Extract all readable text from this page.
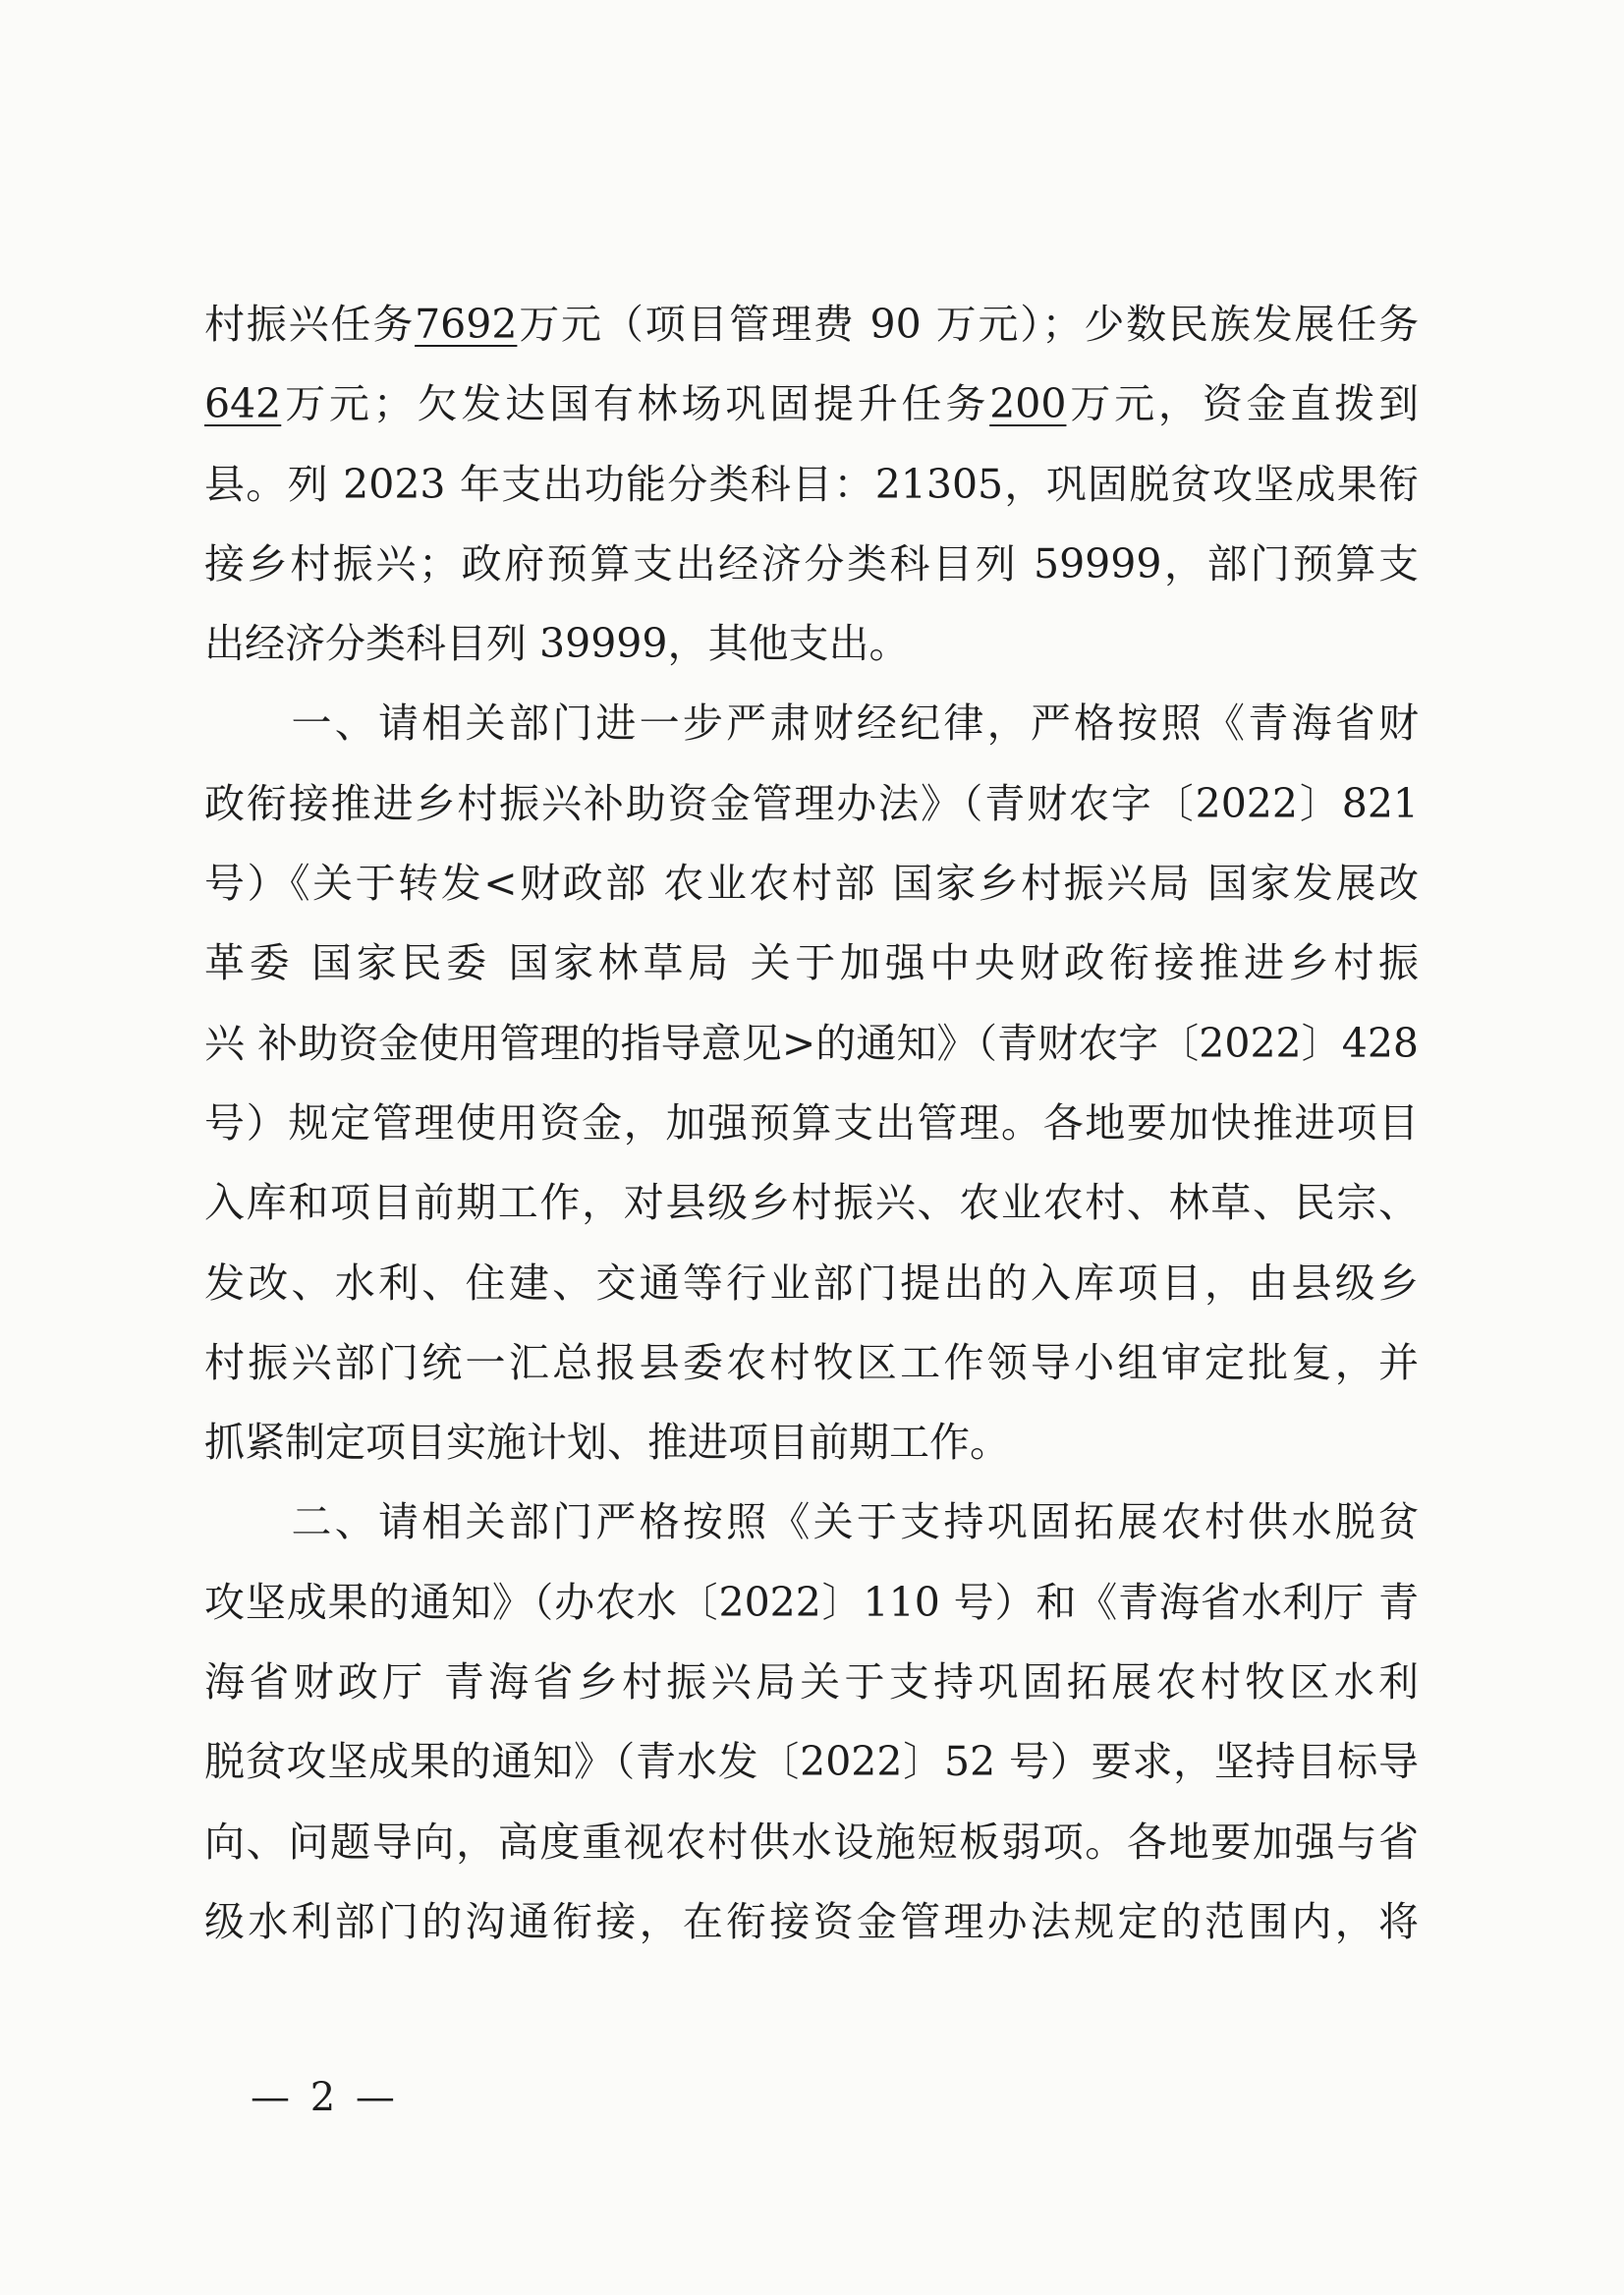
村振兴任务7692万元（项目管理费 90 万元）；少数民族发展任务
642万元；欠发达国有林场巩固提升任务200万元，资金直拨到
县。列 2023 年支出功能分类科目：21305，巩固脱贫攻坚成果衔
接乡村振兴；政府预算支出经济分类科目列 59999，部门预算支
出经济分类科目列 39999，其他支出。
　　一、请相关部门进一步严肃财经纪律，严格按照《青海省财
政衔接推进乡村振兴补助资金管理办法》（青财农字〔2022〕821
号）《关于转发<财政部 农业农村部 国家乡村振兴局 国家发展改
革委 国家民委 国家林草局 关于加强中央财政衔接推进乡村振
兴 补助资金使用管理的指导意见>的通知》（青财农字〔2022〕428
号）规定管理使用资金，加强预算支出管理。各地要加快推进项目
入库和项目前期工作，对县级乡村振兴、农业农村、林草、民宗、
发改、水利、住建、交通等行业部门提出的入库项目，由县级乡
村振兴部门统一汇总报县委农村牧区工作领导小组审定批复，并
抓紧制定项目实施计划、推进项目前期工作。
　　二、请相关部门严格按照《关于支持巩固拓展农村供水脱贫
攻坚成果的通知》（办农水〔2022〕110 号）和《青海省水利厅 青
海省财政厅 青海省乡村振兴局关于支持巩固拓展农村牧区水利
脱贫攻坚成果的通知》（青水发〔2022〕52 号）要求，坚持目标导
向、问题导向，高度重视农村供水设施短板弱项。各地要加强与省
级水利部门的沟通衔接，在衔接资金管理办法规定的范围内，将
— 2 —
